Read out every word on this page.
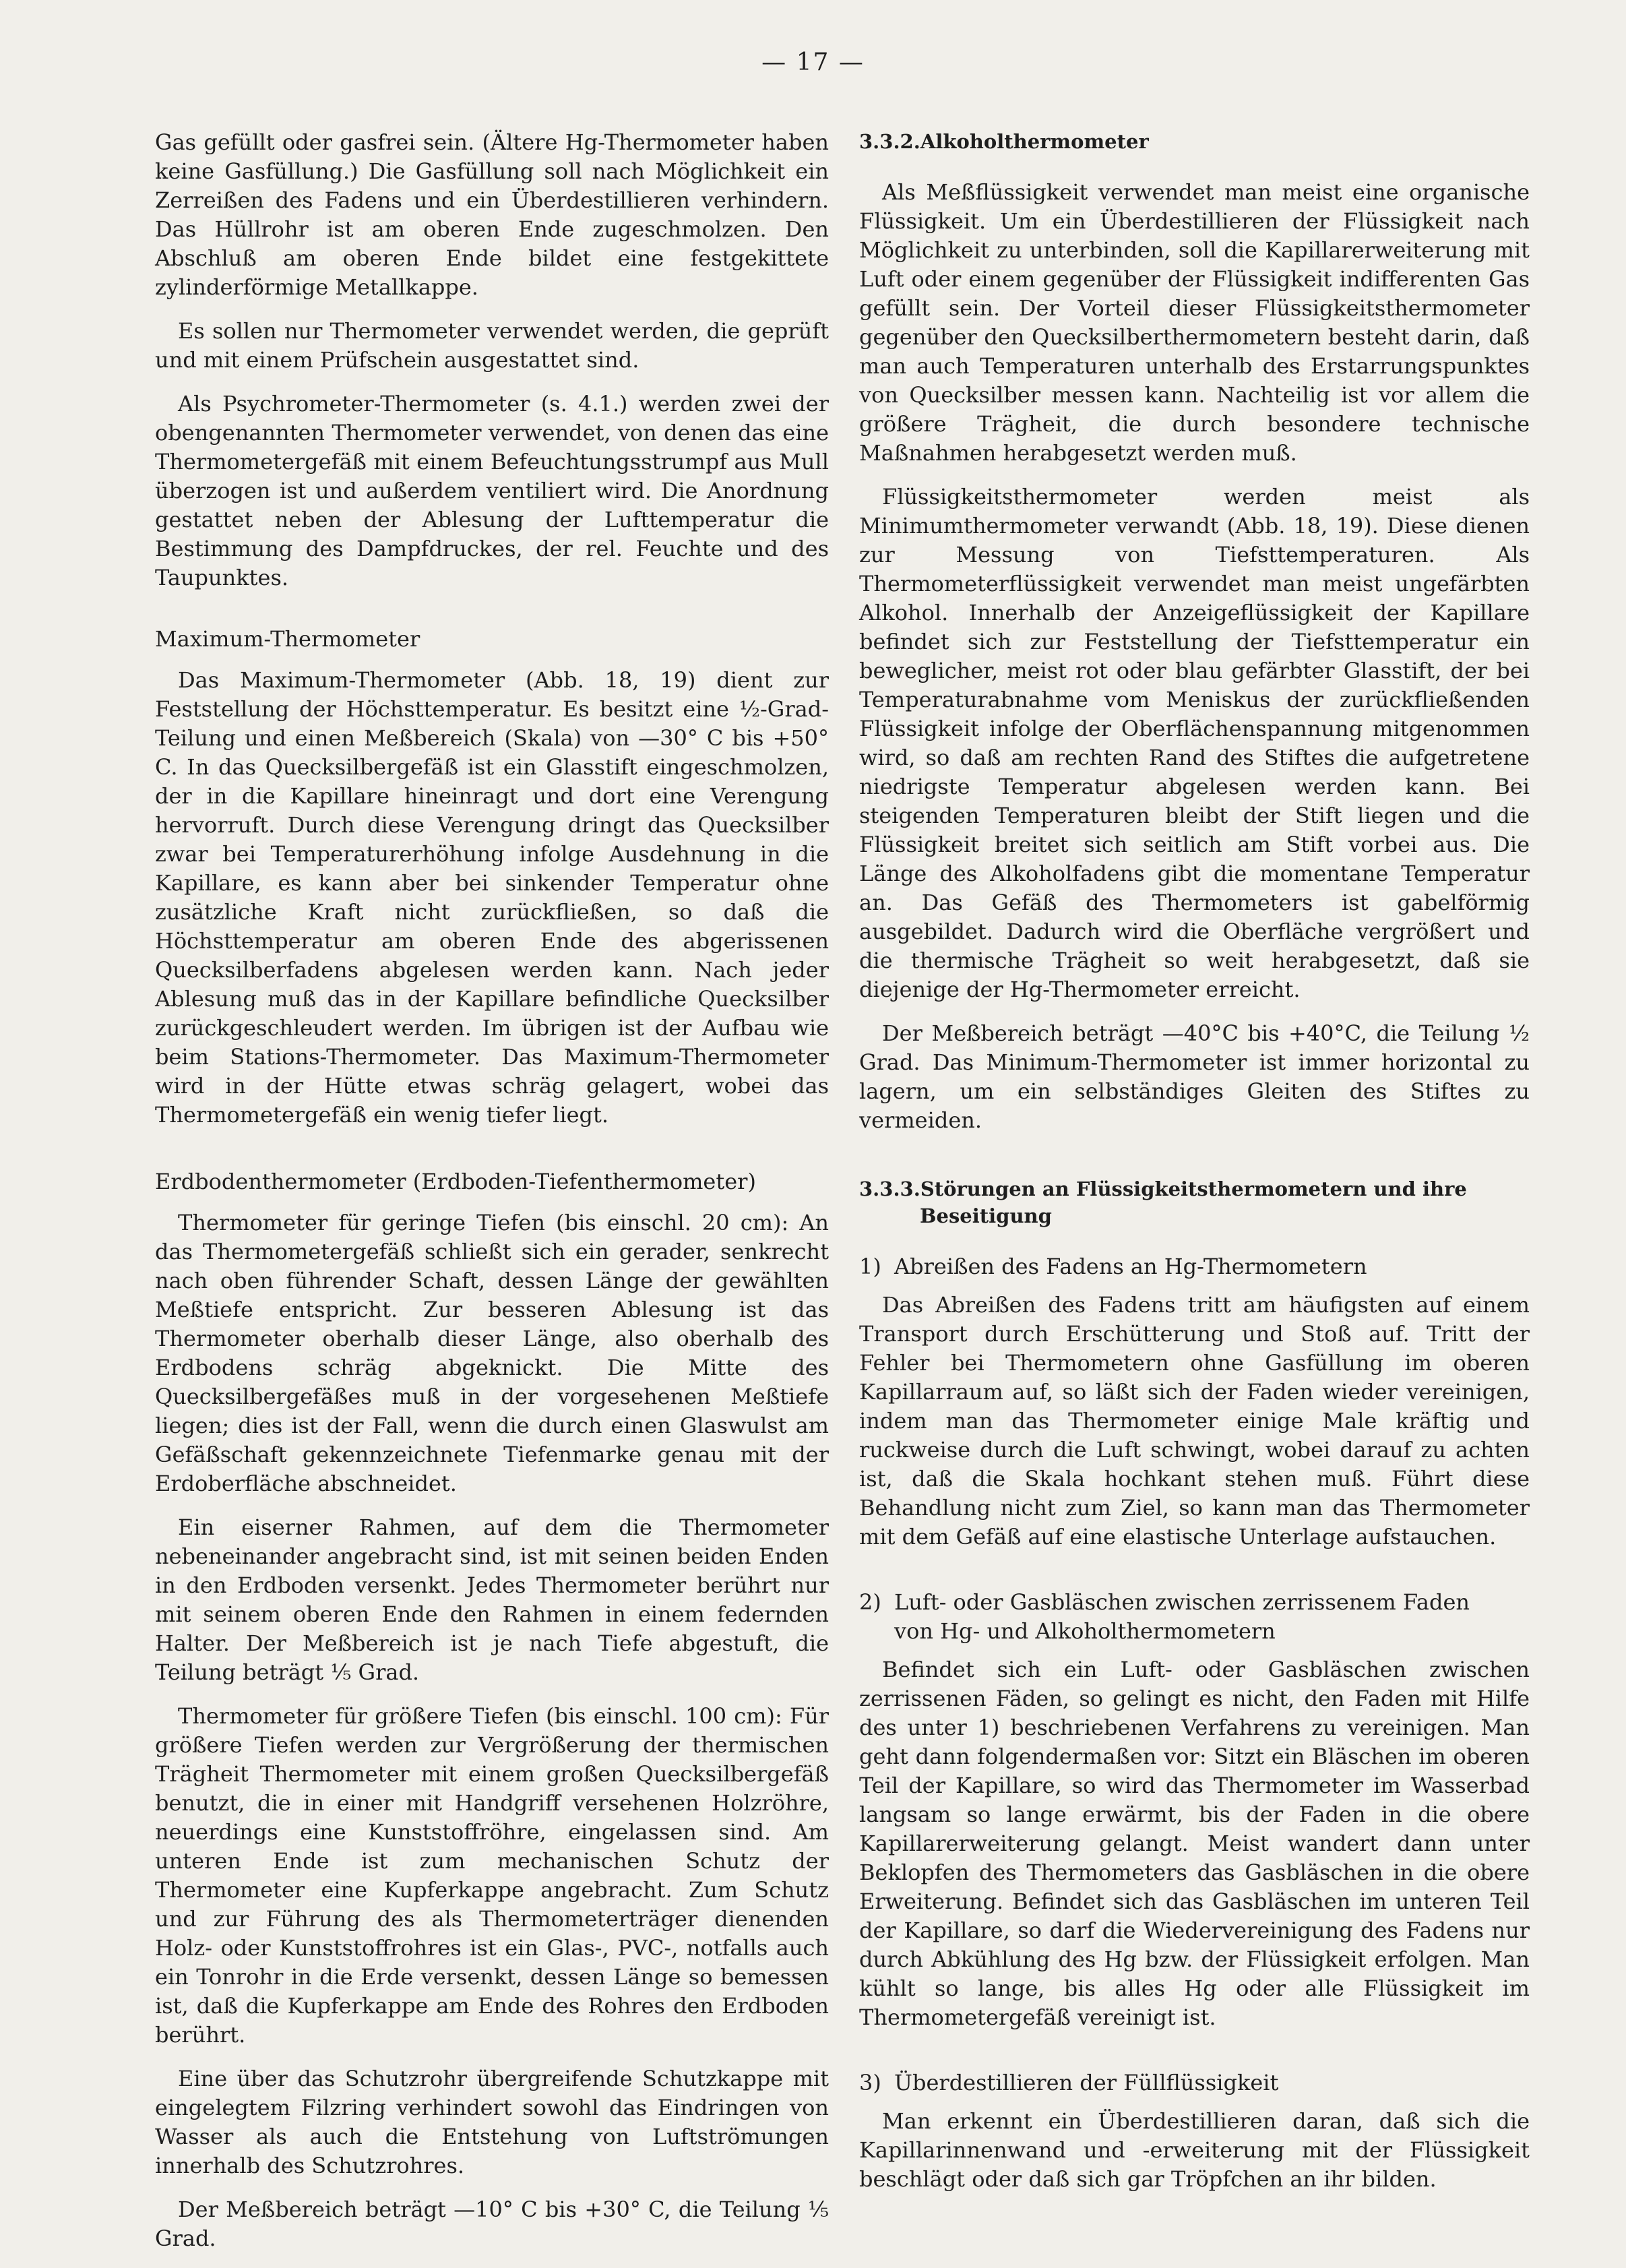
— 17 —

Gas gefüllt oder gasfrei sein. (Ältere Hg-Thermometer haben keine Gasfüllung.) Die Gasfüllung soll nach Möglichkeit ein Zerreißen des Fadens und ein Überdestillieren verhindern. Das Hüllrohr ist am oberen Ende zugeschmolzen. Den Abschluß am oberen Ende bildet eine festgekittete zylinderförmige Metallkappe.

Es sollen nur Thermometer verwendet werden, die geprüft und mit einem Prüfschein ausgestattet sind.

Als Psychrometer-Thermometer (s. 4.1.) werden zwei der obengenannten Thermometer verwendet, von denen das eine Thermometergefäß mit einem Befeuchtungsstrumpf aus Mull überzogen ist und außerdem ventiliert wird. Die Anordnung gestattet neben der Ablesung der Lufttemperatur die Bestimmung des Dampfdruckes, der rel. Feuchte und des Taupunktes.

Maximum-Thermometer

Das Maximum-Thermometer (Abb. 18, 19) dient zur Feststellung der Höchsttemperatur. Es besitzt eine ½-Grad-Teilung und einen Meßbereich (Skala) von —30° C bis +50° C. In das Quecksilbergefäß ist ein Glasstift eingeschmolzen, der in die Kapillare hineinragt und dort eine Verengung hervorruft. Durch diese Verengung dringt das Quecksilber zwar bei Temperaturerhöhung infolge Ausdehnung in die Kapillare, es kann aber bei sinkender Temperatur ohne zusätzliche Kraft nicht zurückfließen, so daß die Höchsttemperatur am oberen Ende des abgerissenen Quecksilberfadens abgelesen werden kann. Nach jeder Ablesung muß das in der Kapillare befindliche Quecksilber zurückgeschleudert werden. Im übrigen ist der Aufbau wie beim Stations-Thermometer. Das Maximum-Thermometer wird in der Hütte etwas schräg gelagert, wobei das Thermometergefäß ein wenig tiefer liegt.

Erdbodenthermometer (Erdboden-Tiefenthermometer)

Thermometer für geringe Tiefen (bis einschl. 20 cm): An das Thermometergefäß schließt sich ein gerader, senkrecht nach oben führender Schaft, dessen Länge der gewählten Meßtiefe entspricht. Zur besseren Ablesung ist das Thermometer oberhalb dieser Länge, also oberhalb des Erdbodens schräg abgeknickt. Die Mitte des Quecksilbergefäßes muß in der vorgesehenen Meßtiefe liegen; dies ist der Fall, wenn die durch einen Glaswulst am Gefäßschaft gekennzeichnete Tiefenmarke genau mit der Erdoberfläche abschneidet.

Ein eiserner Rahmen, auf dem die Thermometer nebeneinander angebracht sind, ist mit seinen beiden Enden in den Erdboden versenkt. Jedes Thermometer berührt nur mit seinem oberen Ende den Rahmen in einem federnden Halter. Der Meßbereich ist je nach Tiefe abgestuft, die Teilung beträgt ⅕ Grad.

Thermometer für größere Tiefen (bis einschl. 100 cm): Für größere Tiefen werden zur Vergrößerung der thermischen Trägheit Thermometer mit einem großen Quecksilbergefäß benutzt, die in einer mit Handgriff versehenen Holzröhre, neuerdings eine Kunststoffröhre, eingelassen sind. Am unteren Ende ist zum mechanischen Schutz der Thermometer eine Kupferkappe angebracht. Zum Schutz und zur Führung des als Thermometerträger dienenden Holz- oder Kunststoffrohres ist ein Glas-, PVC-, notfalls auch ein Tonrohr in die Erde versenkt, dessen Länge so bemessen ist, daß die Kupferkappe am Ende des Rohres den Erdboden berührt.

Eine über das Schutzrohr übergreifende Schutzkappe mit eingelegtem Filzring verhindert sowohl das Eindringen von Wasser als auch die Entstehung von Luftströmungen innerhalb des Schutzrohres.

Der Meßbereich beträgt —10° C bis +30° C, die Teilung ⅕ Grad.

3.3.2.Alkoholthermometer

Als Meßflüssigkeit verwendet man meist eine organische Flüssigkeit. Um ein Überdestillieren der Flüssigkeit nach Möglichkeit zu unterbinden, soll die Kapillarerweiterung mit Luft oder einem gegenüber der Flüssigkeit indifferenten Gas gefüllt sein. Der Vorteil dieser Flüssigkeitsthermometer gegenüber den Quecksilberthermometern besteht darin, daß man auch Temperaturen unterhalb des Erstarrungspunktes von Quecksilber messen kann. Nachteilig ist vor allem die größere Trägheit, die durch besondere technische Maßnahmen herabgesetzt werden muß.

Flüssigkeitsthermometer werden meist als Minimumthermometer verwandt (Abb. 18, 19). Diese dienen zur Messung von Tiefsttemperaturen. Als Thermometerflüssigkeit verwendet man meist ungefärbten Alkohol. Innerhalb der Anzeigeflüssigkeit der Kapillare befindet sich zur Feststellung der Tiefsttemperatur ein beweglicher, meist rot oder blau gefärbter Glasstift, der bei Temperaturabnahme vom Meniskus der zurückfließenden Flüssigkeit infolge der Oberflächenspannung mitgenommen wird, so daß am rechten Rand des Stiftes die aufgetretene niedrigste Temperatur abgelesen werden kann. Bei steigenden Temperaturen bleibt der Stift liegen und die Flüssigkeit breitet sich seitlich am Stift vorbei aus. Die Länge des Alkoholfadens gibt die momentane Temperatur an. Das Gefäß des Thermometers ist gabelförmig ausgebildet. Dadurch wird die Oberfläche vergrößert und die thermische Trägheit so weit herabgesetzt, daß sie diejenige der Hg-Thermometer erreicht.

Der Meßbereich beträgt —40°C bis +40°C, die Teilung ½ Grad. Das Minimum-Thermometer ist immer horizontal zu lagern, um ein selbständiges Gleiten des Stiftes zu vermeiden.

3.3.3.Störungen an Flüssigkeitsthermometern und ihre
Beseitigung
1) Abreißen des Fadens an Hg-Thermometern

Das Abreißen des Fadens tritt am häufigsten auf einem Transport durch Erschütterung und Stoß auf. Tritt der Fehler bei Thermometern ohne Gasfüllung im oberen Kapillarraum auf, so läßt sich der Faden wieder vereinigen, indem man das Thermometer einige Male kräftig und ruckweise durch die Luft schwingt, wobei darauf zu achten ist, daß die Skala hochkant stehen muß. Führt diese Behandlung nicht zum Ziel, so kann man das Thermometer mit dem Gefäß auf eine elastische Unterlage aufstauchen.

2) Luft- oder Gasbläschen zwischen zerrissenem Faden
von Hg- und Alkoholthermometern

Befindet sich ein Luft- oder Gasbläschen zwischen zerrissenen Fäden, so gelingt es nicht, den Faden mit Hilfe des unter 1) beschriebenen Verfahrens zu vereinigen. Man geht dann folgendermaßen vor: Sitzt ein Bläschen im oberen Teil der Kapillare, so wird das Thermometer im Wasserbad langsam so lange erwärmt, bis der Faden in die obere Kapillarerweiterung gelangt. Meist wandert dann unter Beklopfen des Thermometers das Gasbläschen in die obere Erweiterung. Befindet sich das Gasbläschen im unteren Teil der Kapillare, so darf die Wiedervereinigung des Fadens nur durch Abkühlung des Hg bzw. der Flüssigkeit erfolgen. Man kühlt so lange, bis alles Hg oder alle Flüssigkeit im Thermometergefäß vereinigt ist.

3) Überdestillieren der Füllflüssigkeit

Man erkennt ein Überdestillieren daran, daß sich die Kapillarinnenwand und -erweiterung mit der Flüssigkeit beschlägt oder daß sich gar Tröpfchen an ihr bilden.
